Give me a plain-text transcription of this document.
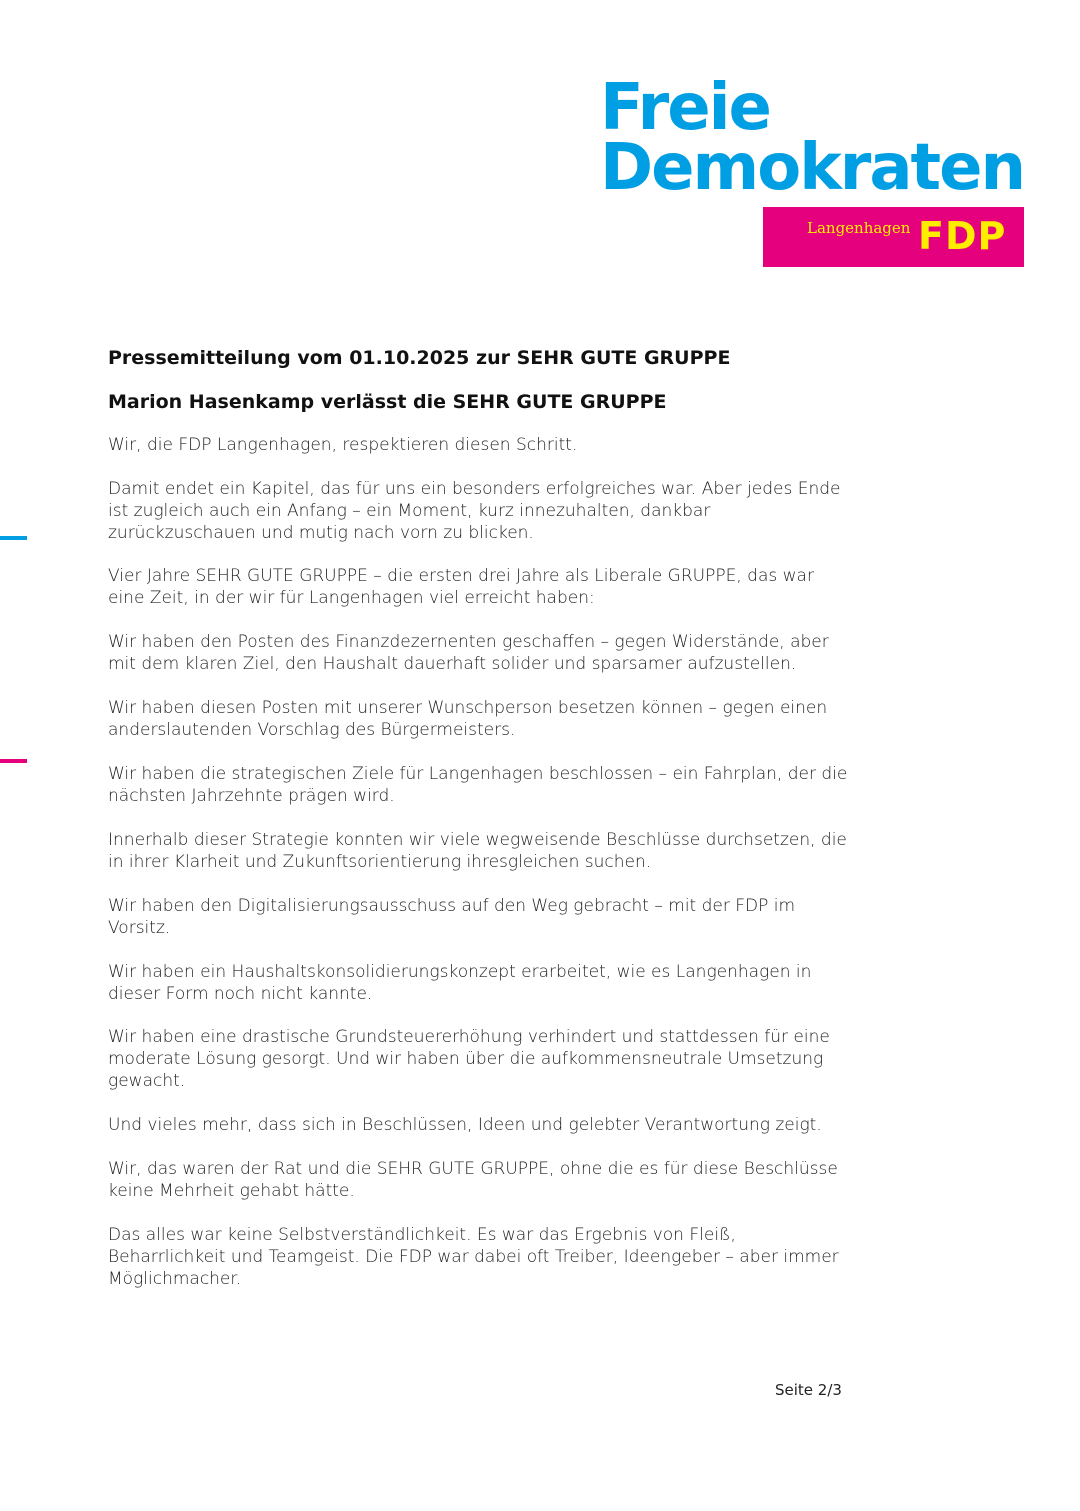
Freie
Demokraten
Langenhagen FDP
Pressemitteilung vom 01.10.2025 zur SEHR GUTE GRUPPE
Marion Hasenkamp verlässt die SEHR GUTE GRUPPE
Wir, die FDP Langenhagen, respektieren diesen Schritt.
Damit endet ein Kapitel, das für uns ein besonders erfolgreiches war. Aber jedes Ende ist zugleich auch ein Anfang – ein Moment, kurz innezuhalten, dankbar zurückzuschauen und mutig nach vorn zu blicken.
Vier Jahre SEHR GUTE GRUPPE – die ersten drei Jahre als Liberale GRUPPE, das war eine Zeit, in der wir für Langenhagen viel erreicht haben:
Wir haben den Posten des Finanzdezernenten geschaffen – gegen Widerstände, aber mit dem klaren Ziel, den Haushalt dauerhaft solider und sparsamer aufzustellen.
Wir haben diesen Posten mit unserer Wunschperson besetzen können – gegen einen anderslautenden Vorschlag des Bürgermeisters.
Wir haben die strategischen Ziele für Langenhagen beschlossen – ein Fahrplan, der die nächsten Jahrzehnte prägen wird.
Innerhalb dieser Strategie konnten wir viele wegweisende Beschlüsse durchsetzen, die in ihrer Klarheit und Zukunftsorientierung ihresgleichen suchen.
Wir haben den Digitalisierungsausschuss auf den Weg gebracht – mit der FDP im Vorsitz.
Wir haben ein Haushaltskonsolidierungskonzept erarbeitet, wie es Langenhagen in dieser Form noch nicht kannte.
Wir haben eine drastische Grundsteuererhöhung verhindert und stattdessen für eine moderate Lösung gesorgt. Und wir haben über die aufkommensneutrale Umsetzung gewacht.
Und vieles mehr, dass sich in Beschlüssen, Ideen und gelebter Verantwortung zeigt.
Wir, das waren der Rat und die SEHR GUTE GRUPPE, ohne die es für diese Beschlüsse keine Mehrheit gehabt hätte.
Das alles war keine Selbstverständlichkeit. Es war das Ergebnis von Fleiß, Beharrlichkeit und Teamgeist. Die FDP war dabei oft Treiber, Ideengeber – aber immer Möglichmacher.
Seite 2/3
